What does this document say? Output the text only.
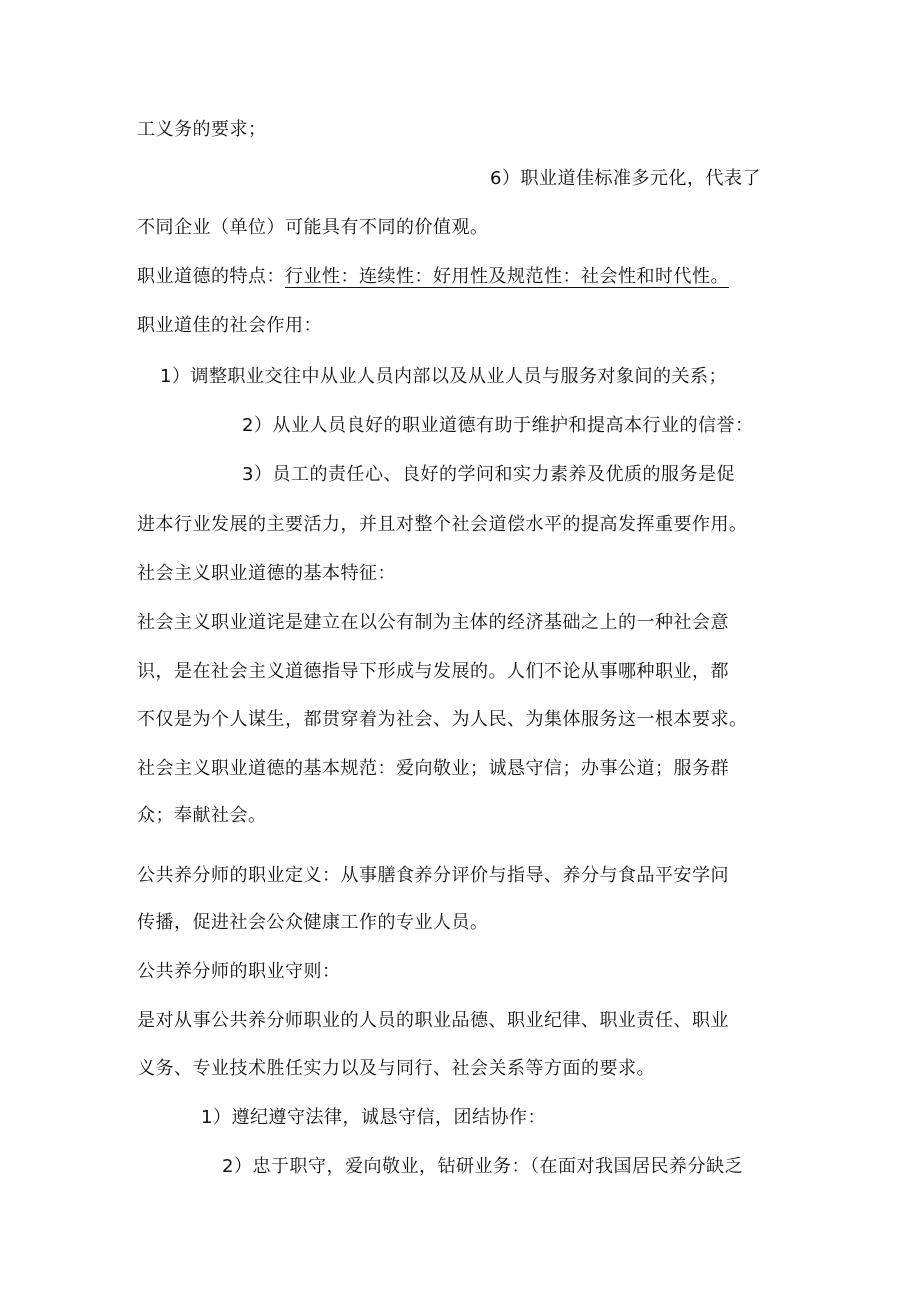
工义务的要求；
6）职业道佳标准多元化，代表了
不同企业（单位）可能具有不同的价值观。
职业道德的特点：行业性：连续性：好用性及规范性：社会性和时代性。
职业道佳的社会作用：
1）调整职业交往中从业人员内部以及从业人员与服务对象间的关系；
2）从业人员良好的职业道德有助于维护和提高本行业的信誉：
3）员工的责任心、良好的学问和实力素养及优质的服务是促
进本行业发展的主要活力，并且对整个社会道偿水平的提高发挥重要作用。
社会主义职业道德的基本特征：
社会主义职业道诧是建立在以公有制为主体的经济基础之上的一种社会意
识，是在社会主义道德指导下形成与发展的。人们不论从事哪种职业，都
不仅是为个人谋生，都贯穿着为社会、为人民、为集体服务这一根本要求。
社会主义职业道德的基本规范：爱向敬业；诚恳守信；办事公道；服务群
众；奉献社会。
公共养分师的职业定义：从事膳食养分评价与指导、养分与食品平安学问
传播，促进社会公众健康工作的专业人员。
公共养分师的职业守则：
是对从事公共养分师职业的人员的职业品德、职业纪律、职业责任、职业
义务、专业技术胜任实力以及与同行、社会关系等方面的要求。
1）遵纪遵守法律，诚恳守信，团结协作：
2）忠于职守，爱向敬业，钻研业务：（在面对我国居民养分缺乏
